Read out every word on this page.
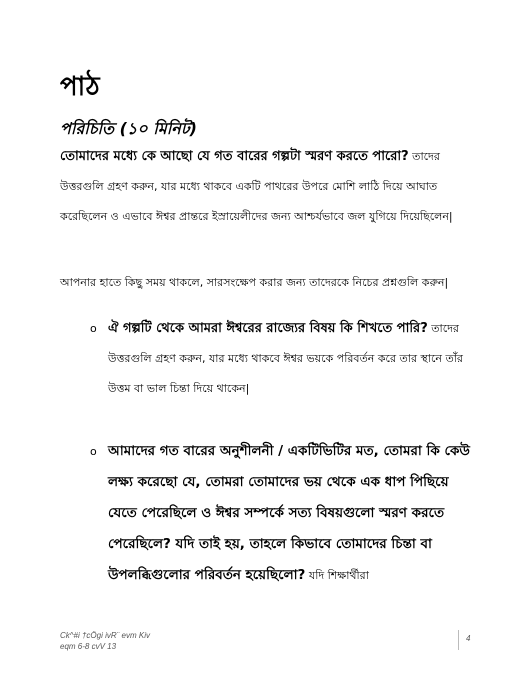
পাঠ
পরিচিতি (১০ মিনিট)
তোমাদের মধ্যে কে আছো যে গত বারের গল্পটা স্মরণ করতে পারো? তাদের উত্তরগুলি গ্রহণ করুন, যার মধ্যে থাকবে একটি পাথরের উপরে মোশি লাঠি দিয়ে আঘাত করেছিলেন ও এভাবে ঈশ্বর প্রান্তরে ইস্রায়েলীদের জন্য আশ্চর্যভাবে জল যুগিয়ে দিয়েছিলেন|
আপনার হাতে কিছু সময় থাকলে, সারসংক্ষেপ করার জন্য তাদেরকে নিচের প্রশ্নগুলি করুন|
o ঐ গল্পটি থেকে আমরা ঈশ্বরের রাজ্যের বিষয় কি শিখতে পারি? তাদের উত্তরগুলি গ্রহণ করুন, যার মধ্যে থাকবে ঈশ্বর ভয়কে পরিবর্তন করে তার স্থানে তাঁর উত্তম বা ভাল চিন্তা দিয়ে থাকেন|
o আমাদের গত বারের অনুশীলনী / একটিভিটির মত, তোমরা কি কেউ লক্ষ্য করেছো যে, তোমরা তোমাদের ভয় থেকে এক ধাপ পিছিয়ে যেতে পেরেছিলে ও ঈশ্বর সম্পর্কে সত্য বিষয়গুলো স্মরণ করতে পেরেছিলে? যদি তাই হয়, তাহলে কিভাবে তোমাদের চিন্তা বা উপলব্ধিগুলোর পরিবর্তন হয়েছিলো? যদি শিক্ষার্থীরা
Ck^#i †cÖgi ivR¨ evm Kiv
eqm 6-8 cvV 13
4
